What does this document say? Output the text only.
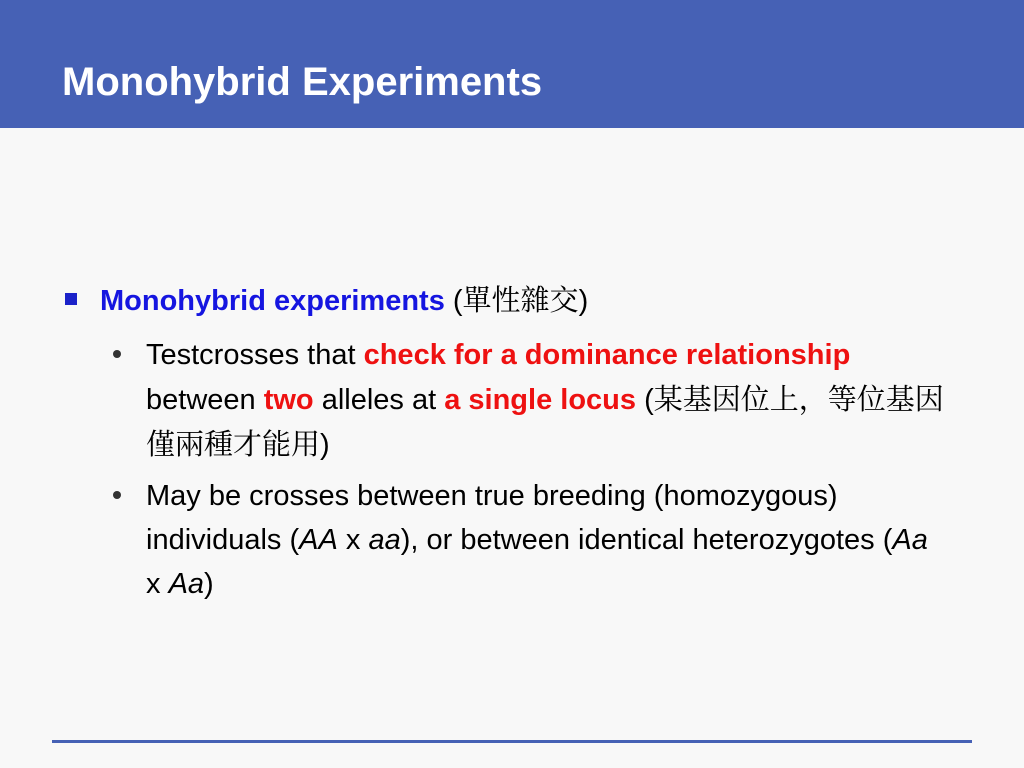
Monohybrid Experiments
Monohybrid experiments (單性雜交)
Testcrosses that check for a dominance relationship between two alleles at a single locus (某基因位上，等位基因僅兩種才能用)
May be crosses between true breeding (homozygous) individuals (AA x aa), or between identical heterozygotes (Aa x Aa)
